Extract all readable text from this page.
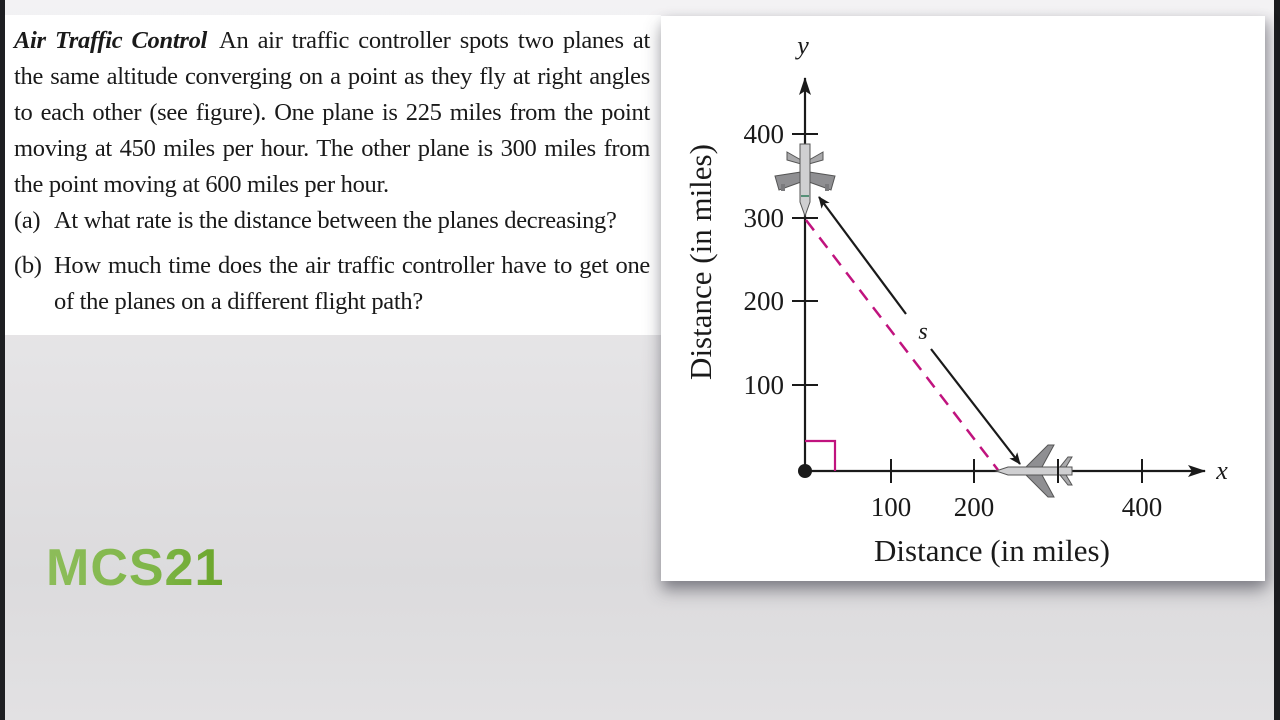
Air Traffic Control An air traffic controller spots two planes at the same altitude converging on a point as they fly at right angles to each other (see figure). One plane is 225 miles from the point moving at 450 miles per hour. The other plane is 300 miles from the point moving at 600 miles per hour.
(a) At what rate is the distance between the planes decreasing?
(b) How much time does the air traffic controller have to get one of the planes on a different flight path?
y
x
s
100
200
300
400
100 200	400
Distance (in miles)
Distance (in miles)
MCS21
